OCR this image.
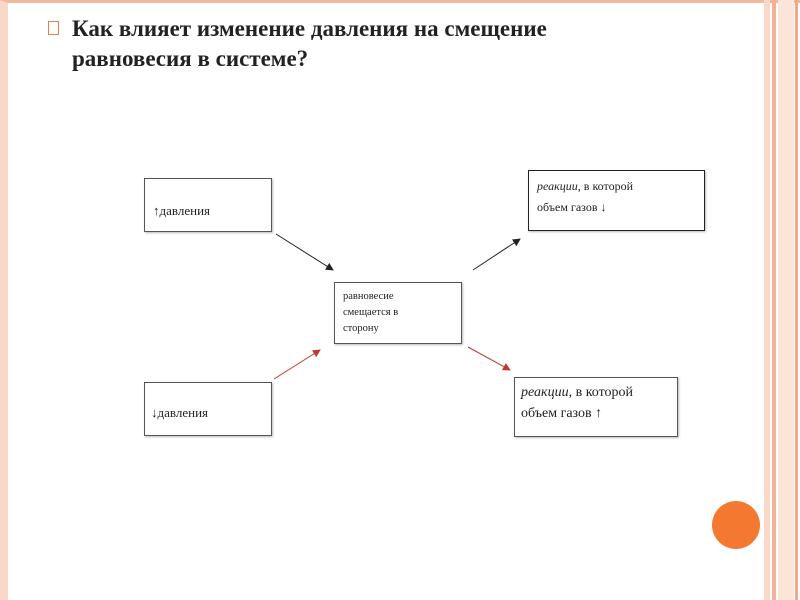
Как влияет изменение давления на смещение равновесия в системе?
↑давления
↓давления
равновесие
смещается в
сторону
реакции, в которой
объем газов ↓
реакции, в которой
объем газов ↑
